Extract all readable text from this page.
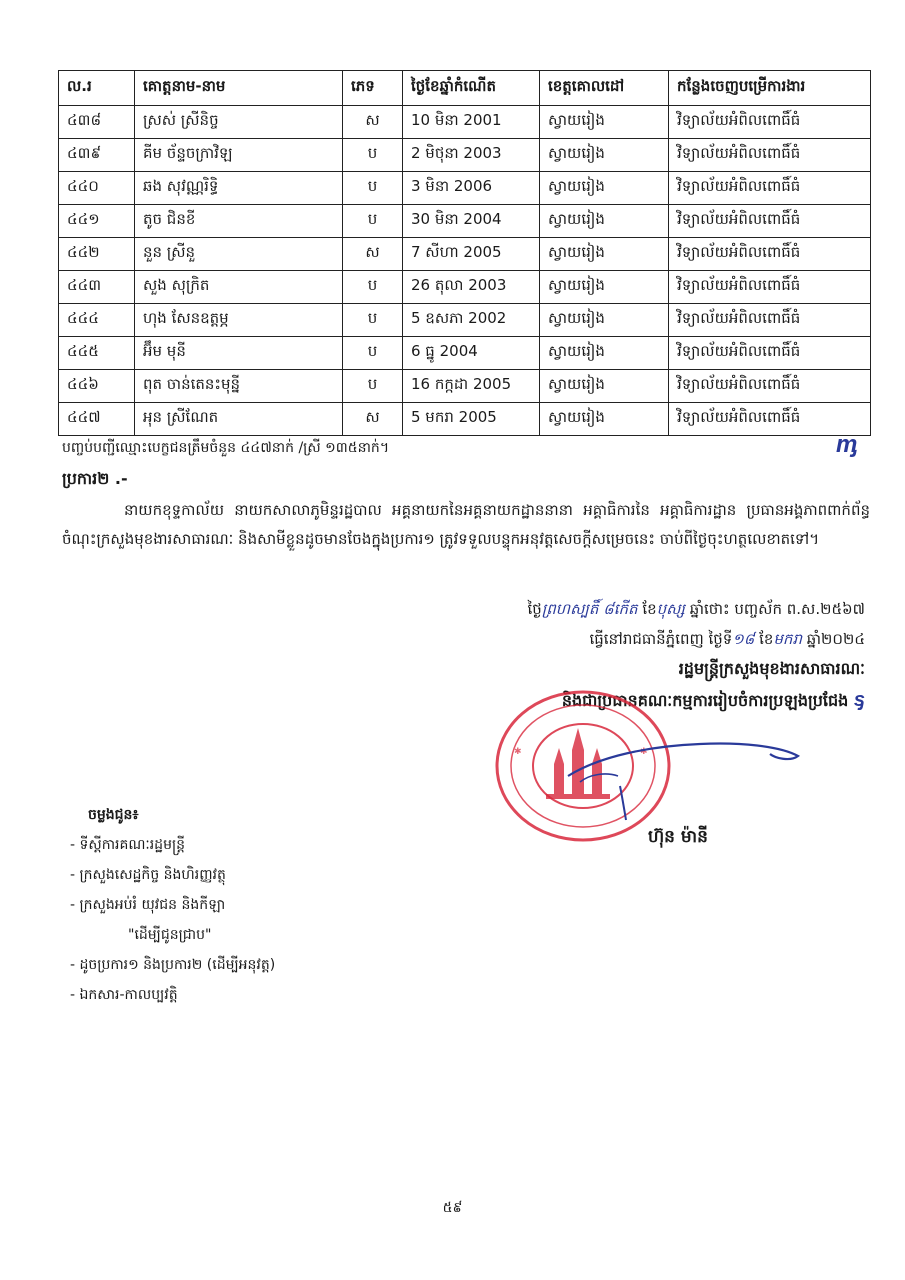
ល.រ	គោត្តនាម-នាម	ភេទ	ថ្ងៃខែឆ្នាំកំណើត	ខេត្តគោលដៅ	កន្លែងចេញបម្រើការងារ
៤៣៨	ស្រស់ ស្រីនិច្ច	ស	10 មិនា 2001	ស្វាយរៀង	វិទ្យាល័យអំពិលពោធិ៍ធំ
៤៣៩	គីម ច័ន្ទចក្រាវិឡ	ប	2 មិថុនា 2003	ស្វាយរៀង	វិទ្យាល័យអំពិលពោធិ៍ធំ
៤៤០	ឆង សុវណ្ណរិទ្ធិ	ប	3 មិនា 2006	ស្វាយរៀង	វិទ្យាល័យអំពិលពោធិ៍ធំ
៤៤១	តូច ជិនខី	ប	30 មិនា 2004	ស្វាយរៀង	វិទ្យាល័យអំពិលពោធិ៍ធំ
៤៤២	នួន ស្រីនួ	ស	7 សីហា 2005	ស្វាយរៀង	វិទ្យាល័យអំពិលពោធិ៍ធំ
៤៤៣	សួង សុក្រិត	ប	26 តុលា 2003	ស្វាយរៀង	វិទ្យាល័យអំពិលពោធិ៍ធំ
៤៤៤	ហុង សែនឧត្តម្ភ	ប	5 ឧសភា 2002	ស្វាយរៀង	វិទ្យាល័យអំពិលពោធិ៍ធំ
៤៤៥	អ៊ឹម មុនី	ប	6 ធ្នូ 2004	ស្វាយរៀង	វិទ្យាល័យអំពិលពោធិ៍ធំ
៤៤៦	ពុត ចាន់តេនះមុន្នី	ប	16 កក្កដា 2005	ស្វាយរៀង	វិទ្យាល័យអំពិលពោធិ៍ធំ
៤៤៧	អុន ស្រីណែត	ស	5 មករា 2005	ស្វាយរៀង	វិទ្យាល័យអំពិលពោធិ៍ធំ
បញ្ចប់បញ្ជីឈ្មោះបេក្ខជនត្រឹមចំនួន ៤៤៧នាក់ /ស្រី ១៣៥នាក់។	ᶆ
ប្រការ២ .-
នាយកខុទ្ទកាល័យ នាយកសាលាភូមិន្ទរដ្ឋបាល អគ្គនាយកនៃអគ្គនាយកដ្ឋាននានា អគ្គាធិការនៃ អគ្គាធិការដ្ឋាន ប្រធានអង្គភាពពាក់ព័ន្ធចំណុះក្រសួងមុខងារសាធារណៈ និងសាមីខ្លួនដូចមានចែងក្នុងប្រការ១ ត្រូវទទួលបន្ទុកអនុវត្តសេចក្តីសម្រេចនេះ ចាប់ពីថ្ងៃចុះហត្ថលេខាតទៅ។
ថ្ងៃព្រហស្បតិ៍ ៨កើត ខែបុស្ស ឆ្នាំថោះ បញ្ចស័ក ព.ស.២៥៦៧
ធ្វើនៅរាជធានីភ្នំពេញ ថ្ងៃទី១៨ ខែមករា ឆ្នាំ២០២៤
រដ្ឋមន្ត្រីក្រសួងមុខងារសាធារណៈ
និងជាប្រធានគណៈកម្មការរៀបចំការប្រឡងប្រជែង ᶊ
✱	✱
ហ៊ុន ម៉ានី
ចម្លងជូន៖
- ទីស្តីការគណៈរដ្ឋមន្ត្រី
- ក្រសួងសេដ្ឋកិច្ច និងហិរញ្ញវត្ថុ
- ក្រសួងអប់រំ យុវជន និងកីឡា
"ដើម្បីជូនជ្រាប"
- ដូចប្រការ១ និងប្រការ២ (ដើម្បីអនុវត្ត)
- ឯកសារ-កាលប្បវត្តិ
៥៩
